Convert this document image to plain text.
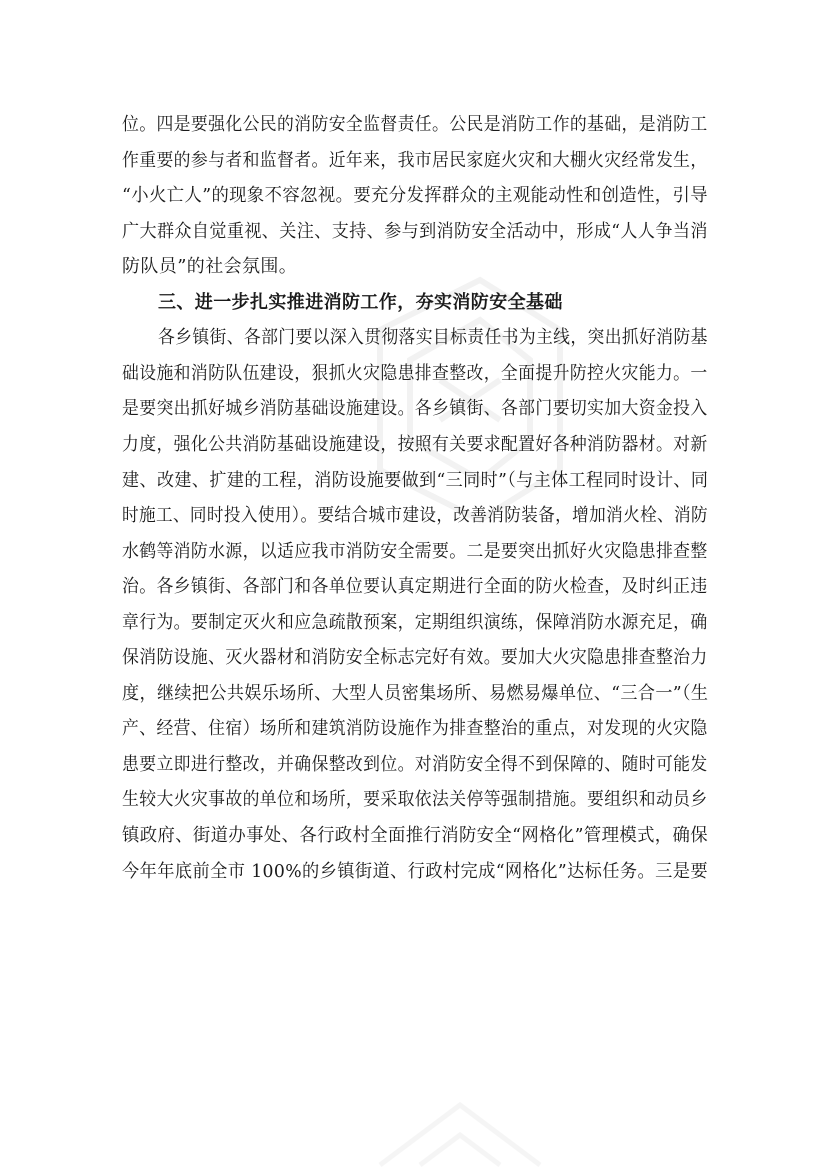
位。四是要强化公民的消防安全监督责任。公民是消防工作的基础，是消防工
作重要的参与者和监督者。近年来，我市居民家庭火灾和大棚火灾经常发生，
“小火亡人”的现象不容忽视。要充分发挥群众的主观能动性和创造性，引导
广大群众自觉重视、关注、支持、参与到消防安全活动中，形成“人人争当消
防队员”的社会氛围。
三、进一步扎实推进消防工作，夯实消防安全基础
各乡镇街、各部门要以深入贯彻落实目标责任书为主线，突出抓好消防基
础设施和消防队伍建设，狠抓火灾隐患排查整改，全面提升防控火灾能力。一
是要突出抓好城乡消防基础设施建设。各乡镇街、各部门要切实加大资金投入
力度，强化公共消防基础设施建设，按照有关要求配置好各种消防器材。对新
建、改建、扩建的工程，消防设施要做到“三同时”（与主体工程同时设计、同
时施工、同时投入使用）。要结合城市建设，改善消防装备，增加消火栓、消防
水鹤等消防水源，以适应我市消防安全需要。二是要突出抓好火灾隐患排查整
治。各乡镇街、各部门和各单位要认真定期进行全面的防火检查，及时纠正违
章行为。要制定灭火和应急疏散预案，定期组织演练，保障消防水源充足，确
保消防设施、灭火器材和消防安全标志完好有效。要加大火灾隐患排查整治力
度，继续把公共娱乐场所、大型人员密集场所、易燃易爆单位、“三合一”（生
产、经营、住宿）场所和建筑消防设施作为排查整治的重点，对发现的火灾隐
患要立即进行整改，并确保整改到位。对消防安全得不到保障的、随时可能发
生较大火灾事故的单位和场所，要采取依法关停等强制措施。要组织和动员乡
镇政府、街道办事处、各行政村全面推行消防安全“网格化”管理模式，确保
今年年底前全市 100%的乡镇街道、行政村完成“网格化”达标任务。三是要
